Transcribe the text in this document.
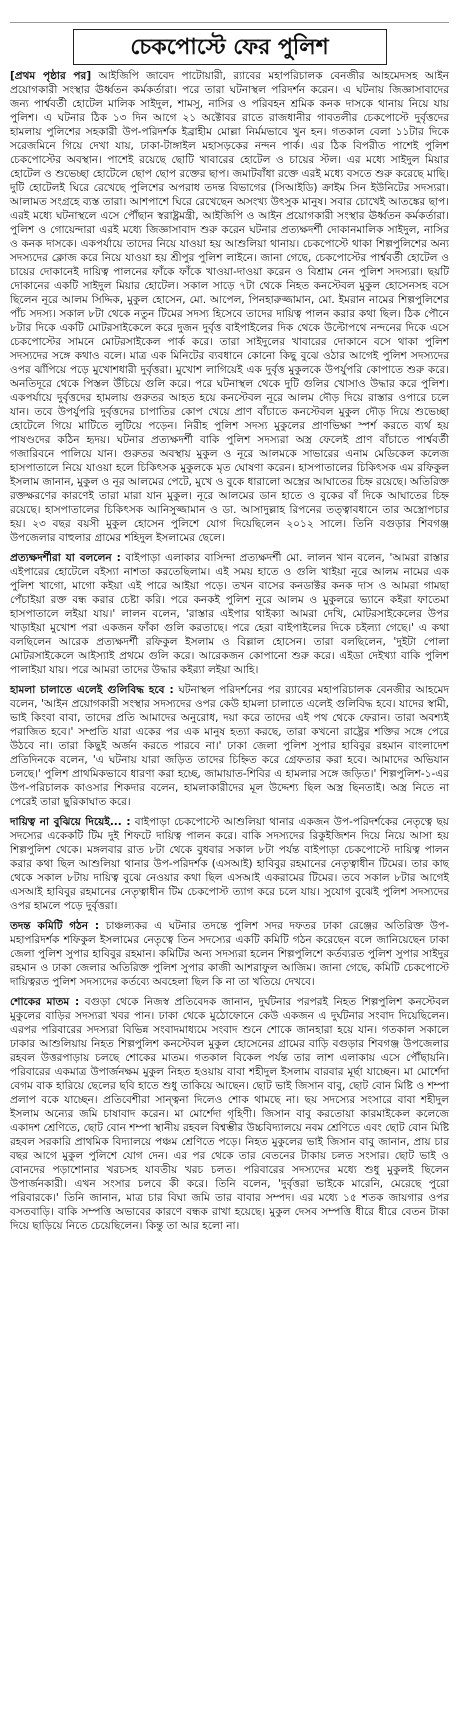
চেকপোস্টে ফের পুলিশ

[প্রথম পৃষ্ঠার পর] আইজিপি জাবেদ পাটোয়ারী, র‍্যাবের মহাপরিচালক বেনজীর আহমেদসহ আইন প্রয়োগকারী সংস্থার ঊর্ধ্বতন কর্মকর্তারা। পরে তারা ঘটনাস্থল পরিদর্শন করেন। এ ঘটনায় জিজ্ঞাসাবাদের জন্য পার্শ্ববর্তী হোটেল মালিক সাইদুল, শামসু, নাসির ও পরিবহন শ্রমিক কনক দাসকে থানায় নিয়ে যায় পুলিশ। এ ঘটনার ঠিক ১৩ দিন আগে ২১ অক্টোবর রাতে রাজধানীর গাবতলীর চেকপোস্টে দুর্বৃত্তদের হামলায় পুলিশের সহকারী উপ-পরিদর্শক ইব্রাহীম মোল্লা নির্মমভাবে খুন হন। গতকাল বেলা ১১টার দিকে সরেজমিনে গিয়ে দেখা যায়, ঢাকা-টাঙ্গাইল মহাসড়কের নন্দন পার্ক। এর ঠিক বিপরীত পাশেই পুলিশ চেকপোস্টের অবস্থান। পাশেই রয়েছে ছোটি খাবারের হোটেল ও চায়ের স্টল। এর মধ্যে সাইদুল মিয়ার হোটেল ও শুভেচ্ছা হোটেলে ছোপ ছোপ রক্তের ছাপ। জমাটবাঁধা রক্তে এরই মধ্যে বসতে শুরু করেছে মাছি। দুটি হোটেলই ঘিরে রেখেছে পুলিশের অপরাধ তদন্ত বিভাগের (সিআইডি) ক্রাইম সিন ইউনিটের সদস্যরা। আলামত সংগ্রহে ব্যস্ত তারা। আশপাশে ঘিরে রেখেছেন অসংখ্য উৎসুক মানুষ। সবার চোখেই আতঙ্কের ছাপ। এরই মধ্যে ঘটনাস্থলে এসে পৌঁছান স্বরাষ্ট্রমন্ত্রী, আইজিপি ও আইন প্রয়োগকারী সংস্থার ঊর্ধ্বতন কর্মকর্তারা। পুলিশ ও গোয়েন্দারা এরই মধ্যে জিজ্ঞাসাবাদ শুরু করেন ঘটনার প্রত্যক্ষদর্শী দোকানমালিক সাইদুল, নাসির ও কনক দাসকে। একপর্যায়ে তাদের নিয়ে যাওয়া হয় আশুলিয়া থানায়। চেকপোস্টে থাকা শিল্পপুলিশের অন্য সদস্যদের ক্লোজ করে নিয়ে যাওয়া হয় শ্রীপুর পুলিশ লাইনে। জানা গেছে, চেকপোস্টের পার্শ্ববর্তী হোটেল ও চায়ের দোকানেই দায়িত্ব পালনের ফাঁকে ফাঁকে খাওয়া-দাওয়া করেন ও বিশ্রাম নেন পুলিশ সদস্যরা। ছয়টি দোকানের একটি সাইদুল মিয়ার হোটেল। সকাল সাড়ে ৭টা থেকে নিহত কনস্টেবল মুকুল হোসেনসহ বসে ছিলেন নূরে আলম সিদ্দিক, মুকুল হোসেন, মো. আপেল, পিনহারুজ্জামান, মো. ইমরান নামের শিল্পপুলিশের পাঁচ সদস্য। সকাল ৮টা থেকে নতুন টিমের সদস্য হিসেবে তাদের দায়িত্ব পালন করার কথা ছিল। ঠিক পৌনে ৮টার দিকে একটি মোটরসাইকেলে করে দুজন দুর্বৃত্ত বাইপাইলের দিক থেকে উল্টোপথে নন্দনের দিকে এসে চেকপোস্টের সামনে মোটরসাইকেল পার্ক করে। তারা সাইদুলের খাবারের দোকানে বসে থাকা পুলিশ সদস্যদের সঙ্গে কথাও বলে। মাত্র এক মিনিটের ব্যবধানে কোনো কিছু বুঝে ওঠার আগেই পুলিশ সদস্যদের ওপর ঝাঁপিয়ে পড়ে মুখোশধারী দুর্বৃত্তরা। মুখোশ লাগিয়েই এক দুর্বৃত্ত মুকুলকে উপর্যুপরি কোপাতে শুরু করে। অনতিদূরে থেকে পিস্তল উঁচিয়ে গুলি করে। পরে ঘটনাস্থল থেকে দুটি গুলির খোসাও উদ্ধার করে পুলিশ। একপর্যায়ে দুর্বৃত্তদের হামলায় গুরুতর আহত হয়ে কনস্টেবল নূরে আলম দৌড় দিয়ে রাস্তার ওপারে চলে যান। তবে উপর্যুপরি দুর্বৃত্তদের চাপাতির কোপ খেয়ে প্রাণ বাঁচাতে কনস্টেবল মুকুল দৌড় দিয়ে শুভেচ্ছা হোটেলে গিয়ে মাটিতে লুটিয়ে পড়েন। নিরীহ পুলিশ সদস্য মুকুলের প্রাণভিক্ষা স্পর্শ করতে ব্যর্থ হয় পাষণ্ডদের কঠিন হৃদয়। ঘটনার প্রত্যক্ষদর্শী বাকি পুলিশ সদস্যরা অস্ত্র ফেলেই প্রাণ বাঁচাতে পার্শ্ববর্তী গজারিবনে পালিয়ে যান। গুরুতর অবস্থায় মুকুল ও নূরে আলমকে সাভারের এনাম মেডিকেল কলেজ হাসপাতালে নিয়ে যাওয়া হলে চিকিৎসক মুকুলকে মৃত ঘোষণা করেন। হাসপাতালের চিকিৎসক এম রফিকুল ইসলাম জানান, মুকুল ও নূর আলমের পেটে, মুখে ও বুকে ধারালো অস্ত্রের আঘাতের চিহ্ন রয়েছে। অতিরিক্ত রক্তক্ষরণের কারণেই তারা মারা যান মুকুল। নূরে আলমের ডান হাতে ও বুকের বাঁ দিকে আঘাতের চিহ্ন রয়েছে। হাসপাতালের চিকিৎসক আনিসুজ্জামান ও ডা. আসাদুল্লাহ রিপনের তত্ত্বাবধানে তার অস্ত্রোপচার হয়। ২৩ বছর বয়সী মুকুল হোসেন পুলিশে যোগ দিয়েছিলেন ২০১২ সালে। তিনি বগুড়ার শিবগঞ্জ উপজেলার বাহুলার গ্রামের শহিদুল ইসলামের ছেলে।

প্রত্যক্ষদর্শীরা যা বললেন : বাইপাড়া এলাকার বাসিন্দা প্রত্যক্ষদর্শী মো. লালন খান বলেন, 'আমরা রাস্তার এইপারের হোটেলে বইস্যা নাশতা করতেছিলাম। এই সময় হাতে ও গুলি খাইয়া নূরে আলম নামের এক পুলিশ খাগো, মাগো কইয়া এই পারে আইয়া পড়ে। তখন বাসের কনডাক্টর কনক দাস ও আমরা গামছা পেঁচাইয়া রক্ত বন্ধ করার চেষ্টা করি। পরে কনকই পুলিশ নূরে আলম ও মুকুলরে ভ্যানে কইরা ফাতেমা হাসপাতালে লইয়া যায়।' লালন বলেন, 'রাস্তার এইপার থাইক্যা আমরা দেখি, মোটরসাইকেলের উপর খাড়াইয়া মুখোশ পরা একজন ফাঁকা গুলি করতাছে। পরে হেরা বাইপাইলের দিকে চইল্যা গেছে।' এ কথা বলছিলেন আরেক প্রত্যক্ষদর্শী রফিকুল ইসলাম ও বিল্লাল হোসেন। তারা বলছিলেন, 'দুইটা পোলা মোটরসাইকেলে আইস্যাই প্রথমে গুলি করে। আরেকজন কোপানো শুরু করে। এইডা দেইখ্যা বাকি পুলিশ পালাইয়া যায়। পরে আমরা তাদের উদ্ধার কইর‍্যা লইয়া আহি।

হামলা চালাতে এলেই গুলিবিদ্ধ হবে : ঘটনাস্থল পরিদর্শনের পর র‍্যাবের মহাপরিচালক বেনজীর আহমেদ বলেন, 'আইন প্রয়োগকারী সংস্থার সদস্যদের ওপর কেউ হামলা চালাতে এলেই গুলিবিদ্ধ হবে। যাদের স্বামী, ভাই কিংবা বাবা, তাদের প্রতি আমাদের অনুরোধ, দয়া করে তাদের এই পথ থেকে ফেরান। তারা অবশ্যই পরাজিত হবে।' সম্প্রতি যারা একের পর এক মানুষ হত্যা করছে, তারা কখনো রাষ্ট্রের শক্তির সঙ্গে পেরে উঠবে না। তারা কিছুই অর্জন করতে পারবে না।' ঢাকা জেলা পুলিশ সুপার হাবিবুর রহমান বাংলাদেশ প্রতিদিনকে বলেন, 'এ ঘটনায় যারা জড়িত তাদের চিহ্নিত করে গ্রেফতার করা হবে। আমাদের অভিযান চলছে।' পুলিশ প্রাথমিকভাবে ধারণা করা হচ্ছে, জামায়াত-শিবির এ হামলার সঙ্গে জড়িত।' শিল্পপুলিশ-১-এর উপ-পরিচালক কাওসার শিকদার বলেন, হামলাকারীদের মূল উদ্দেশ্য ছিল অস্ত্র ছিনতাই। অস্ত্র নিতে না পেরেই তারা ছুরিকাঘাত করে।

দায়িত্ব না বুঝিয়ে দিয়েই... : বাইপাড়া চেকপোস্টে আশুলিয়া থানার একজন উপ-পরিদর্শকের নেতৃত্বে ছয় সদস্যের একেকটি টিম দুই শিফটে দায়িত্ব পালন করে। বাকি সদস্যদের রিকুইজিশন দিয়ে নিয়ে আসা হয় শিল্পপুলিশ থেকে। মঙ্গলবার রাত ৮টা থেকে বুধবার সকাল ৮টা পর্যন্ত বাইপাড়া চেকপোস্টে দায়িত্ব পালন করার কথা ছিল আশুলিয়া থানার উপ-পরিদর্শক (এসআই) হাবিবুর রহমানের নেতৃত্বাধীন টিমের। তার কাছ থেকে সকাল ৮টায় দায়িত্ব বুঝে নেওয়ার কথা ছিল এসআই একরামের টিমের। তবে সকাল ৮টার আগেই এসআই হাবিবুর রহমানের নেতৃত্বাধীন টিম চেকপোস্ট ত্যাগ করে চলে যায়। সুযোগ বুঝেই পুলিশ সদস্যদের ওপর হামলে পড়ে দুর্বৃত্তরা।

তদন্ত কমিটি গঠন : চাঞ্চল্যকর এ ঘটনার তদন্তে পুলিশ সদর দফতর ঢাকা রেঞ্জের অতিরিক্ত উপ-মহাপরিদর্শক শফিকুল ইসলামের নেতৃত্বে তিন সদস্যের একটি কমিটি গঠন করেছেন বলে জানিয়েছেন ঢাকা জেলা পুলিশ সুপার হাবিবুর রহমান। কমিটির অন্য সদস্যরা হলেন শিল্পপুলিশে কর্তব্যরত পুলিশ সুপার সাইদুর রহমান ও ঢাকা জেলার অতিরিক্ত পুলিশ সুপার কাজী আশরাফুল আজিম। জানা গেছে, কমিটি চেকপোস্টে দায়িত্বরত পুলিশ সদস্যদের কর্তব্যে অবহেলা ছিল কি না তা খতিয়ে দেখবে।

শোকের মাতম : বগুড়া থেকে নিজস্ব প্রতিবেদক জানান, দুর্ঘটনার পরপরই নিহত শিল্পপুলিশ কনস্টেবল মুকুলের বাড়ির সদস্যরা খবর পান। ঢাকা থেকে মুঠোফোনে কেউ একজন এ দুর্ঘটনার সংবাদ দিয়েছিলেন। এরপর পরিবারের সদস্যরা বিভিন্ন সংবাদমাধ্যমে সংবাদ শুনে শোকে জানহারা হয়ে যান। গতকাল সকালে ঢাকার আশুলিয়ায় নিহত শিল্পপুলিশ কনস্টেবল মুকুল হোসেনের গ্রামের বাড়ি বগুড়ার শিবগঞ্জ উপজেলার রহবল উত্তরপাড়ায় চলছে শোকের মাতম। গতকাল বিকেল পর্যন্ত তার লাশ এলাকায় এসে পৌঁছায়নি। পরিবারের একমাত্র উপার্জনক্ষম মুকুল নিহত হওয়ায় বাবা শহীদুল ইসলাম বারবার মূর্ছা যাচ্ছেন। মা মোর্শেদা বেগম বাক হারিয়ে ছেলের ছবি হাতে শুধু তাকিয়ে আছেন। ছোট ভাই জিসান বাবু, ছোট বোন মিষ্টি ও শম্পা প্রলাপ বকে যাচ্ছেন। প্রতিবেশীরা সান্ত্বনা দিলেও শোক থামছে না। ছয় সদস্যের সংসারে বাবা শহীদুল ইসলাম অন্যের জমি চাষাবাদ করেন। মা মোর্শেদা গৃহিণী। জিসান বাবু করতোয়া কারমাইকেল কলেজে একাদশ শ্রেণিতে, ছোট বোন শম্পা স্থানীয় রহবল বিশ্বম্ভীর উচ্চবিদ্যালয়ে নবম শ্রেণিতে এবং ছোট বোন মিষ্টি রহবল সরকারি প্রাথমিক বিদ্যালয়ে পঞ্চম শ্রেণিতে পড়ে। নিহত মুকুলের ভাই জিসান বাবু জানান, প্রায় চার বছর আগে মুকুল পুলিশে যোগ দেন। এর পর থেকে তার বেতনের টাকায় চলত সংসার। ছোট ভাই ও বোনদের পড়াশোনার খরচসহ যাবতীয় খরচ চলত। পরিবারের সদস্যদের মধ্যে শুধু মুকুলই ছিলেন উপার্জনকারী। এখন সংসার চলবে কী করে। তিনি বলেন, 'দুর্বৃত্তরা ভাইকে মারেনি, মেরেছে পুরো পরিবারকে।' তিনি জানান, মাত্র চার বিঘা জমি তার বাবার সম্পদ। এর মধ্যে ১৫ শতক জায়গার ওপর বসতবাড়ি। বাকি সম্পত্তি অভাবের কারণে বন্ধক রাখা হয়েছে। মুকুল দেসব সম্পত্তি ধীরে ধীরে বেতন টাকা দিয়ে ছাড়িয়ে নিতে চেয়েছিলেন। কিন্তু তা আর হলো না।
